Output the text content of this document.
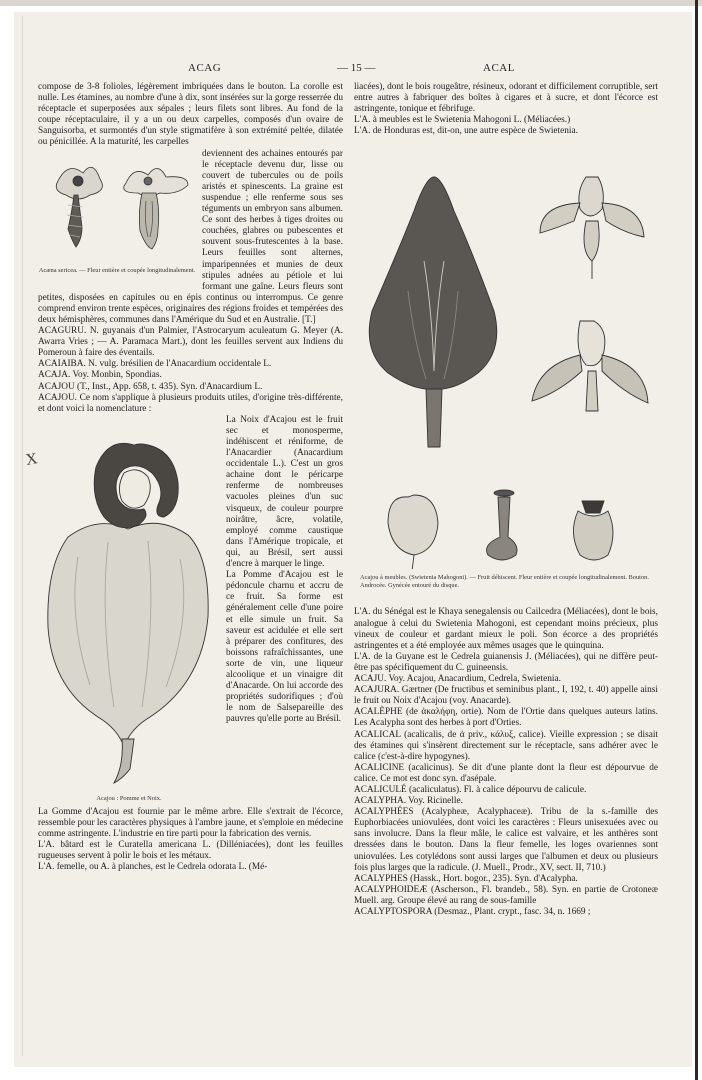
ACAG	— 15 —	ACAL
X

compose de 3-8 folioles, légèrement imbriquées dans le bouton. La corolle est nulle. Les étamines, au nombre d'une à dix, sont insérées sur la gorge resserrée du réceptacle et superposées aux sépales ; leurs filets sont libres. Au fond de la coupe réceptaculaire, il y a un ou deux carpelles, composés d'un ovaire de Sanguisorba, et surmontés d'un style stigmatifère à son extrémité peltée, dilatée ou pénicillée. A la maturité, les carpelles

Acæna sericea. — Fleur entière et coupée longitudinalement.

deviennent des achaines entourés par le réceptacle devenu dur, lisse ou couvert de tubercules ou de poils aristés et spinescents. La graine est suspendue ; elle renferme sous ses téguments un embryon sans albumen. Ce sont des herbes à tiges droites ou couchées, glabres ou pubescentes et souvent sous-frutescentes à la base. Leurs feuilles sont alternes, imparipennées et munies de deux stipules adnées au pétiole et lui formant une gaîne. Leurs fleurs sont petites, disposées en capitules ou en épis continus ou interrompus. Ce genre comprend environ trente espèces, originaires des régions froides et tempérées des deux hémisphères, communes dans l'Amérique du Sud et en Australie. [T.]

ACAGURU. N. guyanais d'un Palmier, l'Astrocaryum aculeatum G. Meyer (A. Awarra Vries ; — A. Paramaca Mart.), dont les feuilles servent aux Indiens du Pomeroun à faire des éventails.

ACAIAIBA. N. vulg. brésilien de l'Anacardium occidentale L.

ACAJA. Voy. Monbin, Spondias.

ACAJOU (T., Inst., App. 658, t. 435). Syn. d'Anacardium L.

ACAJOU. Ce nom s'applique à plusieurs produits utiles, d'origine très-différente, et dont voici la nomenclature :

Acajou : Pomme et Noix.

La Noix d'Acajou est le fruit sec et monosperme, indéhiscent et réniforme, de l'Anacardier (Anacardium occidentale L.). C'est un gros achaine dont le péricarpe renferme de nombreuses vacuoles pleines d'un suc visqueux, de couleur pourpre noirâtre, âcre, volatile, employé comme caustique dans l'Amérique tropicale, et qui, au Brésil, sert aussi d'encre à marquer le linge.

La Pomme d'Acajou est le pédoncule charnu et accru de ce fruit. Sa forme est généralement celle d'une poire et elle simule un fruit. Sa saveur est acidulée et elle sert à préparer des confitures, des boissons rafraîchissantes, une sorte de vin, une liqueur alcoolique et un vinaigre dit d'Anacarde. On lui accorde des propriétés sudorifiques ; d'où le nom de Salsepareille des pauvres qu'elle porte au Brésil.

La Gomme d'Acajou est fournie par le même arbre. Elle s'extrait de l'écorce, ressemble pour les caractères physiques à l'ambre jaune, et s'emploie en médecine comme astringente. L'industrie en tire parti pour la fabrication des vernis.

L'A. bâtard est le Curatella americana L. (Dilléniacées), dont les feuilles rugueuses servent à polir le bois et les métaux.

L'A. femelle, ou A. à planches, est le Cedrela odorata L. (Mé-

liacées), dont le bois rougeâtre, résineux, odorant et difficilement corruptible, sert entre autres à fabriquer des boîtes à cigares et à sucre, et dont l'écorce est astringente, tonique et fébrifuge.

L'A. à meubles est le Swietenia Mahogoni L. (Méliacées.)

L'A. de Honduras est, dit-on, une autre espèce de Swietenia.

Acajou à meubles. (Swietenia Mahogoni). — Fruit déhiscent. Fleur entière et coupée longitudinalement. Bouton. Androcée. Gynécée entouré du disque.

L'A. du Sénégal est le Khaya senegalensis ou Cailcedra (Méliacées), dont le bois, analogue à celui du Swietenia Mahogoni, est cependant moins précieux, plus vineux de couleur et gardant mieux le poli. Son écorce a des propriétés astringentes et a été employée aux mêmes usages que le quinquina.

L'A. de la Guyane est le Cedrela guianensis J. (Méliacées), qui ne diffère peut-être pas spécifiquement du C. guineensis.

ACAJU. Voy. Acajou, Anacardium, Cedrela, Swietenia.

ACAJURA. Gærtner (De fructibus et seminibus plant., I, 192, t. 40) appelle ainsi le fruit ou Noix d'Acajou (voy. Anacarde).

ACALÈPHE (de ἀκαλήφη, ortie). Nom de l'Ortie dans quelques auteurs latins. Les Acalypha sont des herbes à port d'Orties.

ACALICAL (acalicalis, de ἀ priv., κάλυξ, calice). Vieille expression ; se disait des étamines qui s'insèrent directement sur le réceptacle, sans adhérer avec le calice (c'est-à-dire hypogynes).

ACALICINE (acalicinus). Se dit d'une plante dont la fleur est dépourvue de calice. Ce mot est donc syn. d'asépale.

ACALICULÉ (acaliculatus). Fl. à calice dépourvu de calicule.

ACALYPHA. Voy. Ricinelle.

ACALYPHÉES (Acalypheæ, Acalyphaceæ). Tribu de la s.-famille des Euphorbiacées uniovulées, dont voici les caractères : Fleurs unisexuées avec ou sans involucre. Dans la fleur mâle, le calice est valvaire, et les anthères sont dressées dans le bouton. Dans la fleur femelle, les loges ovariennes sont uniovulées. Les cotylédons sont aussi larges que l'albumen et deux ou plusieurs fois plus larges que la radicule. (J. Muell., Prodr., XV, sect. II, 710.)

ACALYPHES (Hassk., Hort. bogor., 235). Syn. d'Acalypha.

ACALYPHOIDEÆ (Ascherson., Fl. brandeb., 58). Syn. en partie de Crotoneæ Muell. arg. Groupe élevé au rang de sous-famille

ACALYPTOSPORA (Desmaz., Plant. crypt., fasc. 34, n. 1669 ;
